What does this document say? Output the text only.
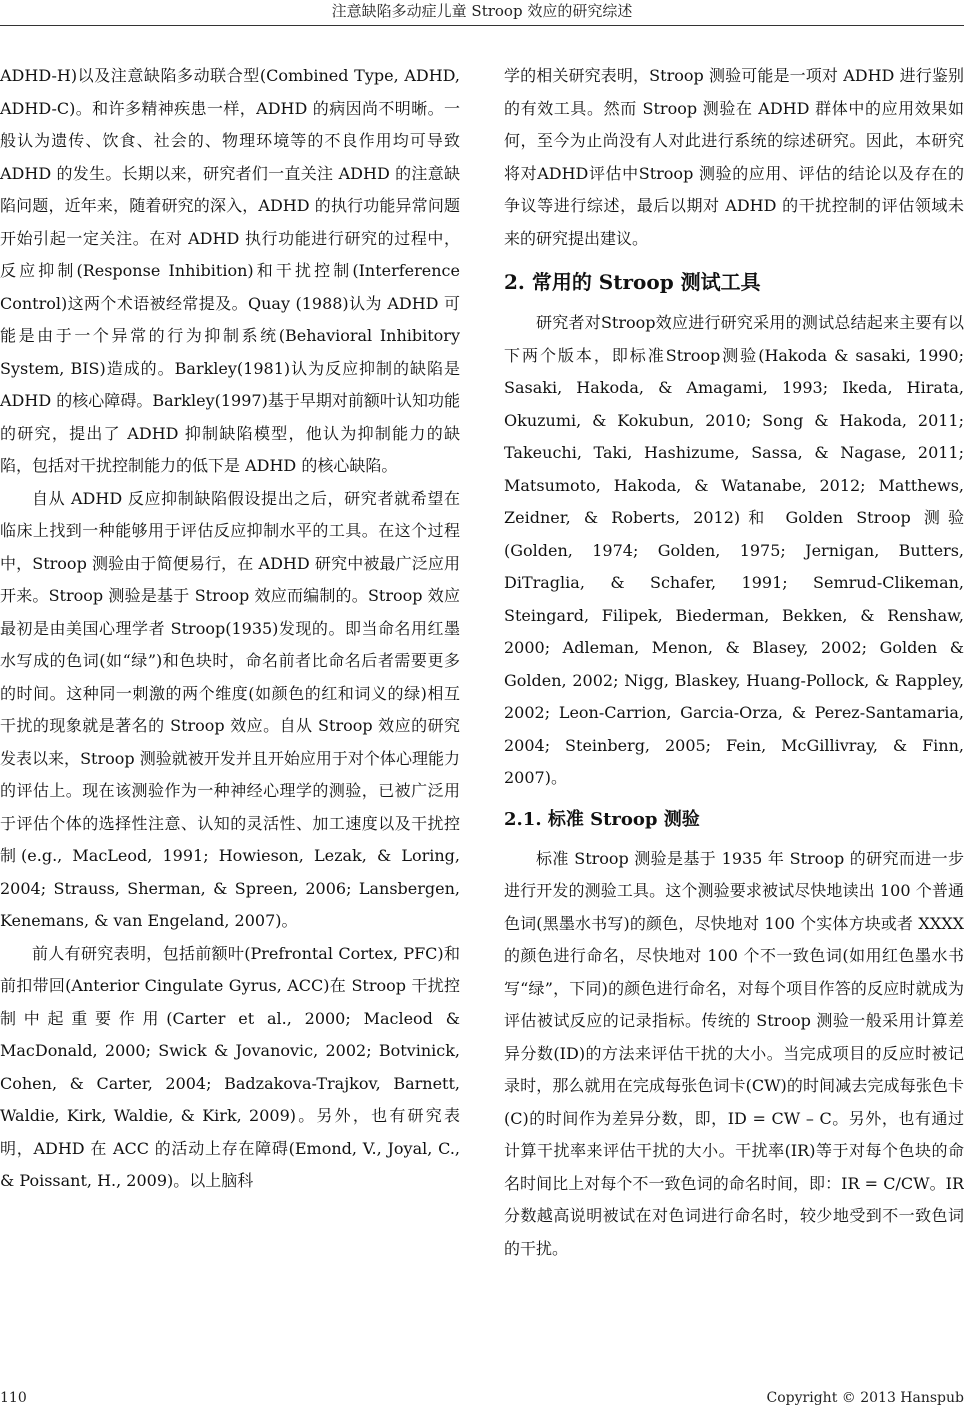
注意缺陷多动症儿童 Stroop 效应的研究综述

ADHD-H)以及注意缺陷多动联合型(Combined Type, ADHD, ADHD-C)。和许多精神疾患一样，ADHD 的病因尚不明晰。一般认为遗传、饮食、社会的、物理环境等的不良作用均可导致 ADHD 的发生。长期以来，研究者们一直关注 ADHD 的注意缺陷问题，近年来，随着研究的深入，ADHD 的执行功能异常问题开始引起一定关注。在对 ADHD 执行功能进行研究的过程中，反应抑制(Response Inhibition)和干扰控制(Interference Control)这两个术语被经常提及。Quay (1988)认为 ADHD 可能是由于一个异常的行为抑制系统(Behavioral Inhibitory System, BIS)造成的。Barkley(1981)认为反应抑制的缺陷是 ADHD 的核心障碍。Barkley(1997)基于早期对前额叶认知功能的研究，提出了 ADHD 抑制缺陷模型，他认为抑制能力的缺陷，包括对干扰控制能力的低下是 ADHD 的核心缺陷。

自从 ADHD 反应抑制缺陷假设提出之后，研究者就希望在临床上找到一种能够用于评估反应抑制水平的工具。在这个过程中，Stroop 测验由于简便易行，在 ADHD 研究中被最广泛应用开来。Stroop 测验是基于 Stroop 效应而编制的。Stroop 效应最初是由美国心理学者 Stroop(1935)发现的。即当命名用红墨水写成的色词(如“绿”)和色块时，命名前者比命名后者需要更多的时间。这种同一刺激的两个维度(如颜色的红和词义的绿)相互干扰的现象就是著名的 Stroop 效应。自从 Stroop 效应的研究发表以来，Stroop 测验就被开发并且开始应用于对个体心理能力的评估上。现在该测验作为一种神经心理学的测验，已被广泛用于评估个体的选择性注意、认知的灵活性、加工速度以及干扰控制(e.g., MacLeod, 1991; Howieson, Lezak, & Loring, 2004; Strauss, Sherman, & Spreen, 2006; Lansbergen, Kenemans, & van Engeland, 2007)。

前人有研究表明，包括前额叶(Prefrontal Cortex, PFC)和前扣带回(Anterior Cingulate Gyrus, ACC)在 Stroop 干扰控制中起重要作用(Carter et al., 2000; Macleod & MacDonald, 2000; Swick & Jovanovic, 2002; Botvinick, Cohen, & Carter, 2004; Badzakova-Trajkov, Barnett, Waldie, Kirk, Waldie, & Kirk, 2009)。另外，也有研究表明，ADHD 在 ACC 的活动上存在障碍(Emond, V., Joyal, C., & Poissant, H., 2009)。以上脑科

学的相关研究表明，Stroop 测验可能是一项对 ADHD 进行鉴别的有效工具。然而 Stroop 测验在 ADHD 群体中的应用效果如何，至今为止尚没有人对此进行系统的综述研究。因此，本研究将对ADHD评估中Stroop 测验的应用、评估的结论以及存在的争议等进行综述，最后以期对 ADHD 的干扰控制的评估领域未来的研究提出建议。

2. 常用的 Stroop 测试工具

研究者对Stroop效应进行研究采用的测试总结起来主要有以下两个版本，即标准Stroop测验(Hakoda & sasaki, 1990; Sasaki, Hakoda, & Amagami, 1993; Ikeda, Hirata, Okuzumi, & Kokubun, 2010; Song & Hakoda, 2011; Takeuchi, Taki, Hashizume, Sassa, & Nagase, 2011; Matsumoto, Hakoda, & Watanabe, 2012; Matthews, Zeidner, & Roberts, 2012)和 Golden Stroop 测验 (Golden, 1974; Golden, 1975; Jernigan, Butters, DiTraglia, & Schafer, 1991; Semrud-Clikeman, Steingard, Filipek, Biederman, Bekken, & Renshaw, 2000; Adleman, Menon, & Blasey, 2002; Golden & Golden, 2002; Nigg, Blaskey, Huang-Pollock, & Rappley, 2002; Leon-Carrion, Garcia-Orza, & Perez-Santamaria, 2004; Steinberg, 2005; Fein, McGillivray, & Finn, 2007)。

2.1. 标准 Stroop 测验

标准 Stroop 测验是基于 1935 年 Stroop 的研究而进一步进行开发的测验工具。这个测验要求被试尽快地读出 100 个普通色词(黑墨水书写)的颜色，尽快地对 100 个实体方块或者 XXXX 的颜色进行命名，尽快地对 100 个不一致色词(如用红色墨水书写“绿”，下同)的颜色进行命名，对每个项目作答的反应时就成为评估被试反应的记录指标。传统的 Stroop 测验一般采用计算差异分数(ID)的方法来评估干扰的大小。当完成项目的反应时被记录时，那么就用在完成每张色词卡(CW)的时间减去完成每张色卡(C)的时间作为差异分数，即，ID = CW – C。另外，也有通过计算干扰率来评估干扰的大小。干扰率(IR)等于对每个色块的命名时间比上对每个不一致色词的命名时间，即：IR = C/CW。IR 分数越高说明被试在对色词进行命名时，较少地受到不一致色词的干扰。

110	Copyright © 2013 Hanspub
